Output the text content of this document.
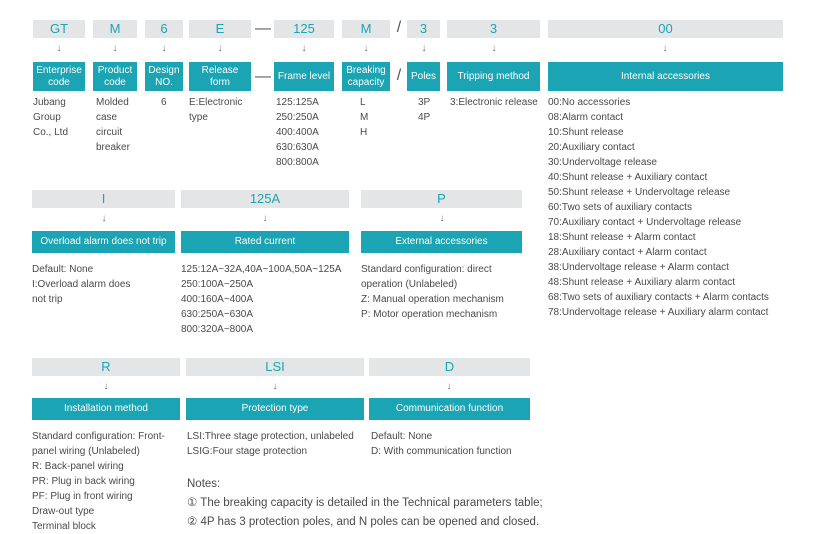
GT
↓
Enterprise
code
Jubang
Group
Co., Ltd
M
↓
Product
code
Molded
case
circuit
breaker
6
↓
Design
NO.
6
E
↓
Release
form
E:Electronic
type
—
—
125
↓
Frame level
125:125A
250:250A
400:400A
630:630A
800:800A
M
↓
Breaking
capacity
L
M
H
/
/
3
↓
Poles
3P
4P
3
↓
Tripping method
3:Electronic release
00
↓
Internal accessories
00:No accessories
08:Alarm contact
10:Shunt release
20:Auxiliary contact
30:Undervoltage release
40:Shunt release + Auxiliary contact
50:Shunt release + Undervoltage release
60:Two sets of auxiliary contacts
70:Auxiliary contact + Undervoltage release
18:Shunt release + Alarm contact
28:Auxiliary contact + Alarm contact
38:Undervoltage release + Alarm contact
48:Shunt release + Auxiliary alarm contact
68:Two sets of auxiliary contacts + Alarm contacts
78:Undervoltage release + Auxiliary alarm contact
I
↓
Overload alarm does not trip
Default: None
I:Overload alarm does
not trip
125A
↓
Rated current
125:12A~32A,40A~100A,50A~125A
250:100A~250A
400:160A~400A
630:250A~630A
800:320A~800A
P
↓
External accessories
Standard configuration: direct
operation (Unlabeled)
Z: Manual operation mechanism
P: Motor operation mechanism
R
↓
Installation method
Standard configuration: Front-
panel wiring (Unlabeled)
R: Back-panel wiring
PR: Plug in back wiring
PF: Plug in front wiring
Draw-out type
Terminal block
LSI
↓
Protection type
LSI:Three stage protection, unlabeled
LSIG:Four stage protection
D
↓
Communication function
Default: None
D: With communication function
Notes:
① The breaking capacity is detailed in the Technical parameters table;
② 4P has 3 protection poles, and N poles can be opened and closed.
